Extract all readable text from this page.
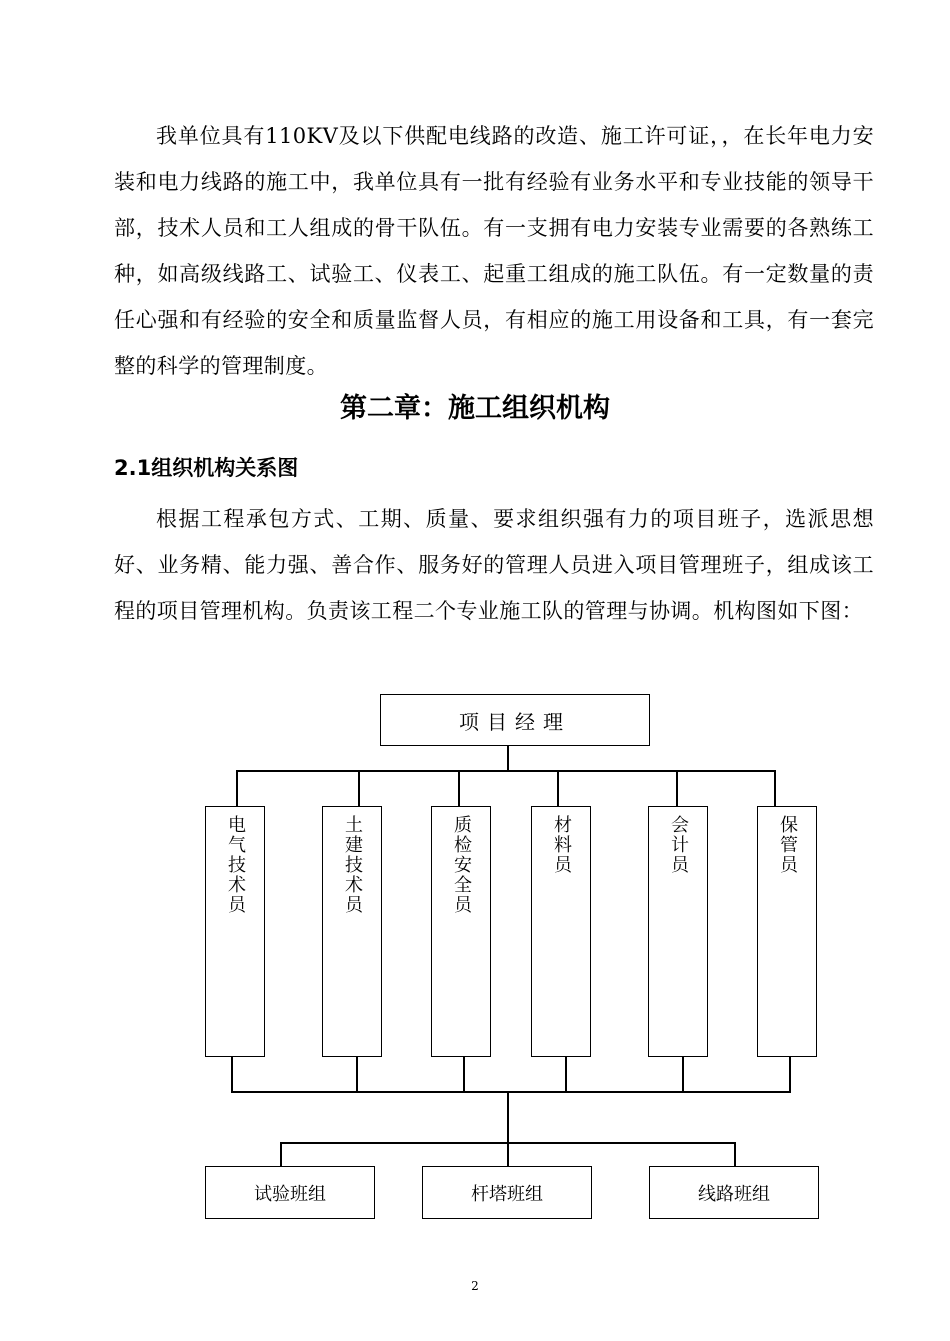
我单位具有110KV及以下供配电线路的改造、施工许可证，，在长年电力安装和电力线路的施工中，我单位具有一批有经验有业务水平和专业技能的领导干部，技术人员和工人组成的骨干队伍。有一支拥有电力安装专业需要的各熟练工种，如高级线路工、试验工、仪表工、起重工组成的施工队伍。有一定数量的责任心强和有经验的安全和质量监督人员，有相应的施工用设备和工具，有一套完整的科学的管理制度。

第二章：施工组织机构
2.1组织机构关系图

根据工程承包方式、工期、质量、要求组织强有力的项目班子，选派思想好、业务精、能力强、善合作、服务好的管理人员进入项目管理班子，组成该工程的项目管理机构。负责该工程二个专业施工队的管理与协调。机构图如下图：

项目经理
电气技术员	土建技术员	质检安全员	材料员	会计员	保管员
试验班组	杆塔班组	线路班组

2
